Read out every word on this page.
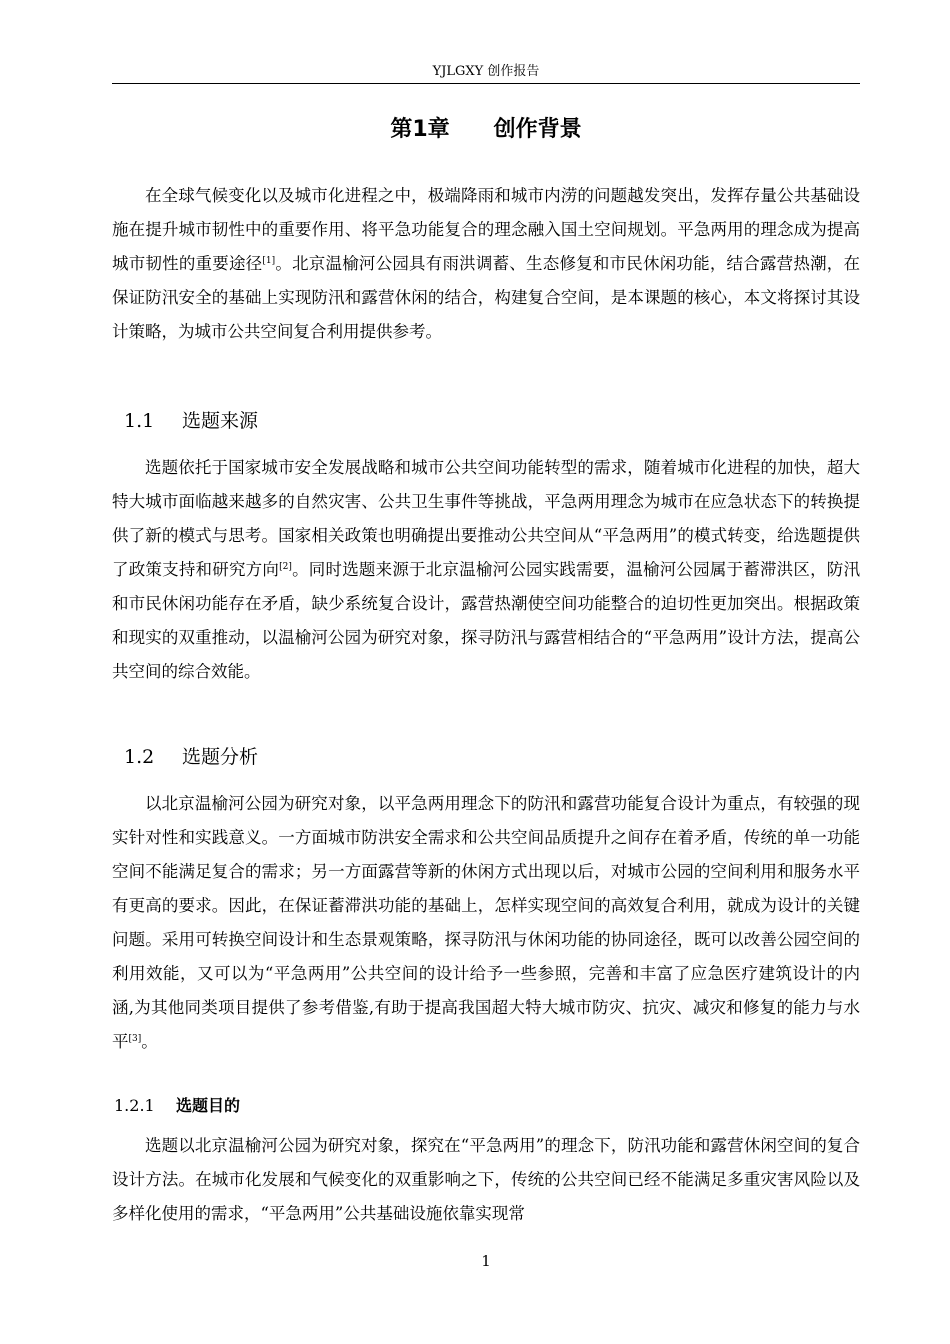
YJLGXY 创作报告
第1章 创作背景

在全球气候变化以及城市化进程之中，极端降雨和城市内涝的问题越发突出，发挥存量公共基础设施在提升城市韧性中的重要作用、将平急功能复合的理念融入国土空间规划。平急两用的理念成为提高城市韧性的重要途径[1]。北京温榆河公园具有雨洪调蓄、生态修复和市民休闲功能，结合露营热潮，在保证防汛安全的基础上实现防汛和露营休闲的结合，构建复合空间，是本课题的核心，本文将探讨其设计策略，为城市公共空间复合利用提供参考。

1.1 选题来源

选题依托于国家城市安全发展战略和城市公共空间功能转型的需求，随着城市化进程的加快，超大特大城市面临越来越多的自然灾害、公共卫生事件等挑战，平急两用理念为城市在应急状态下的转换提供了新的模式与思考。国家相关政策也明确提出要推动公共空间从“平急两用”的模式转变，给选题提供了政策支持和研究方向[2]。同时选题来源于北京温榆河公园实践需要，温榆河公园属于蓄滞洪区，防汛和市民休闲功能存在矛盾，缺少系统复合设计，露营热潮使空间功能整合的迫切性更加突出。根据政策和现实的双重推动，以温榆河公园为研究对象，探寻防汛与露营相结合的“平急两用”设计方法，提高公共空间的综合效能。

1.2 选题分析

以北京温榆河公园为研究对象，以平急两用理念下的防汛和露营功能复合设计为重点，有较强的现实针对性和实践意义。一方面城市防洪安全需求和公共空间品质提升之间存在着矛盾，传统的单一功能空间不能满足复合的需求；另一方面露营等新的休闲方式出现以后，对城市公园的空间利用和服务水平有更高的要求。因此，在保证蓄滞洪功能的基础上，怎样实现空间的高效复合利用，就成为设计的关键问题。采用可转换空间设计和生态景观策略，探寻防汛与休闲功能的协同途径，既可以改善公园空间的利用效能，又可以为“平急两用”公共空间的设计给予一些参照，完善和丰富了应急医疗建筑设计的内涵,为其他同类项目提供了参考借鉴,有助于提高我国超大特大城市防灾、抗灾、减灾和修复的能力与水平[3]。

1.2.1 选题目的

选题以北京温榆河公园为研究对象，探究在“平急两用”的理念下，防汛功能和露营休闲空间的复合设计方法。在城市化发展和气候变化的双重影响之下，传统的公共空间已经不能满足多重灾害风险以及多样化使用的需求，“平急两用”公共基础设施依靠实现常

1
